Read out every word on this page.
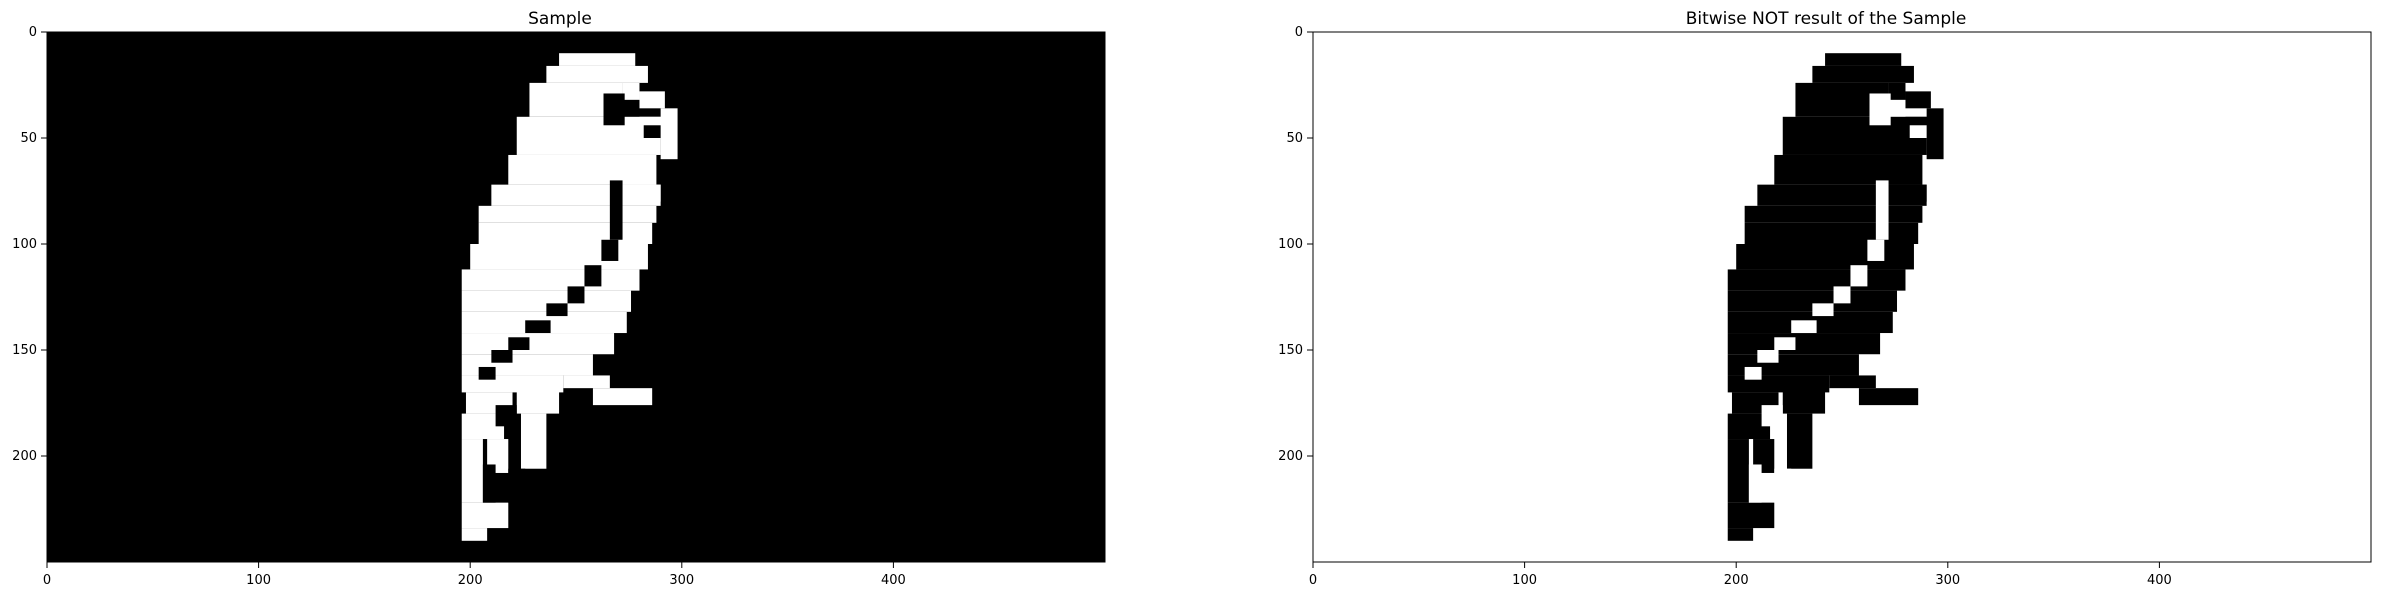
Sample
0	100	200	300	400
0
50
100
150
200
Bitwise NOT result of the Sample
0	100	200	300	400
0
50
100
150
200
